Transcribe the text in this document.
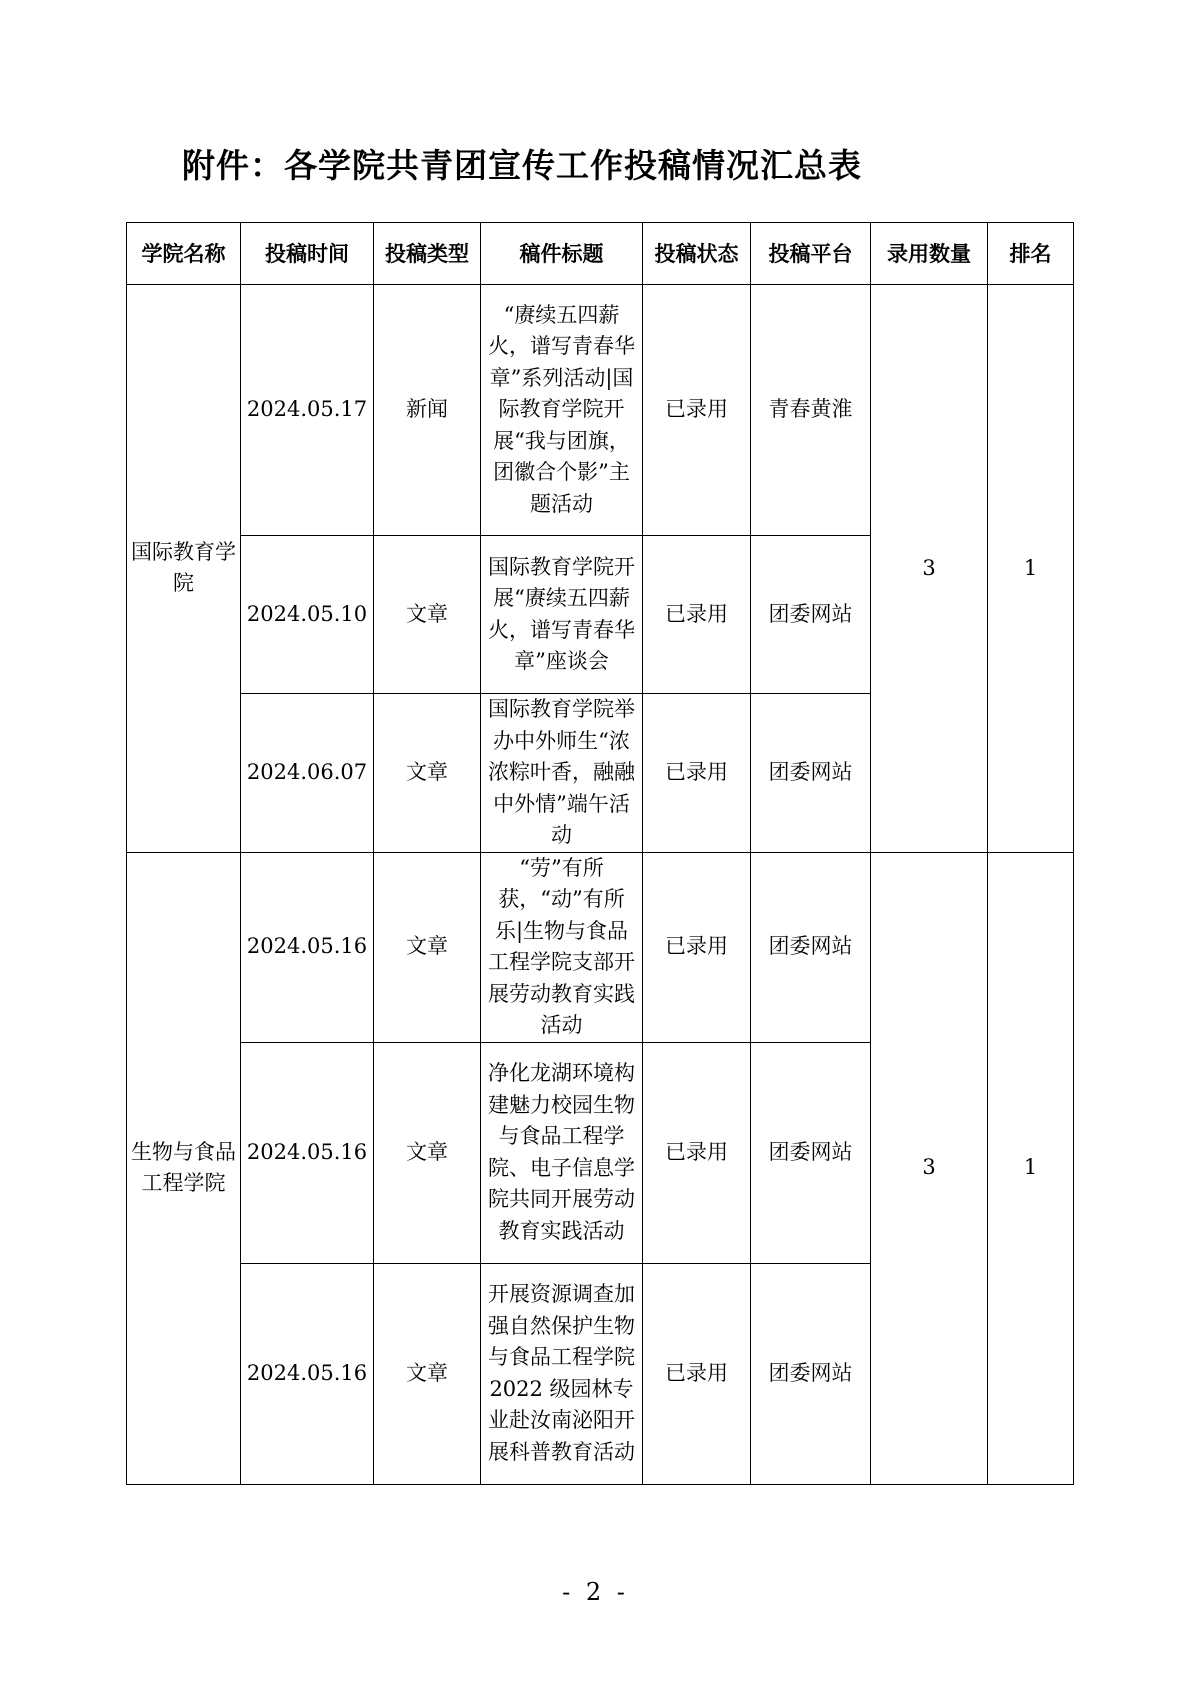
附件：各学院共青团宣传工作投稿情况汇总表
学院名称	投稿时间	投稿类型	稿件标题	投稿状态	投稿平台	录用数量	排名
国际教育学院	2024.05.17	新闻	“赓续五四薪火，谱写青春华章”系列活动|国际教育学院开展“我与团旗，团徽合个影”主题活动	已录用	青春黄淮	3	1
	2024.05.10	文章	国际教育学院开展“赓续五四薪火，谱写青春华章”座谈会	已录用	团委网站		
	2024.06.07	文章	国际教育学院举办中外师生“浓浓粽叶香，融融中外情”端午活动	已录用	团委网站		
生物与食品工程学院	2024.05.16	文章	“劳”有所获，“动”有所乐|生物与食品工程学院支部开展劳动教育实践活动	已录用	团委网站	3	1
	2024.05.16	文章	净化龙湖环境构建魅力校园生物与食品工程学院、电子信息学院共同开展劳动教育实践活动	已录用	团委网站		
	2024.05.16	文章	开展资源调查加强自然保护生物与食品工程学院 2022 级园林专业赴汝南泌阳开展科普教育活动	已录用	团委网站		
- 2 -
